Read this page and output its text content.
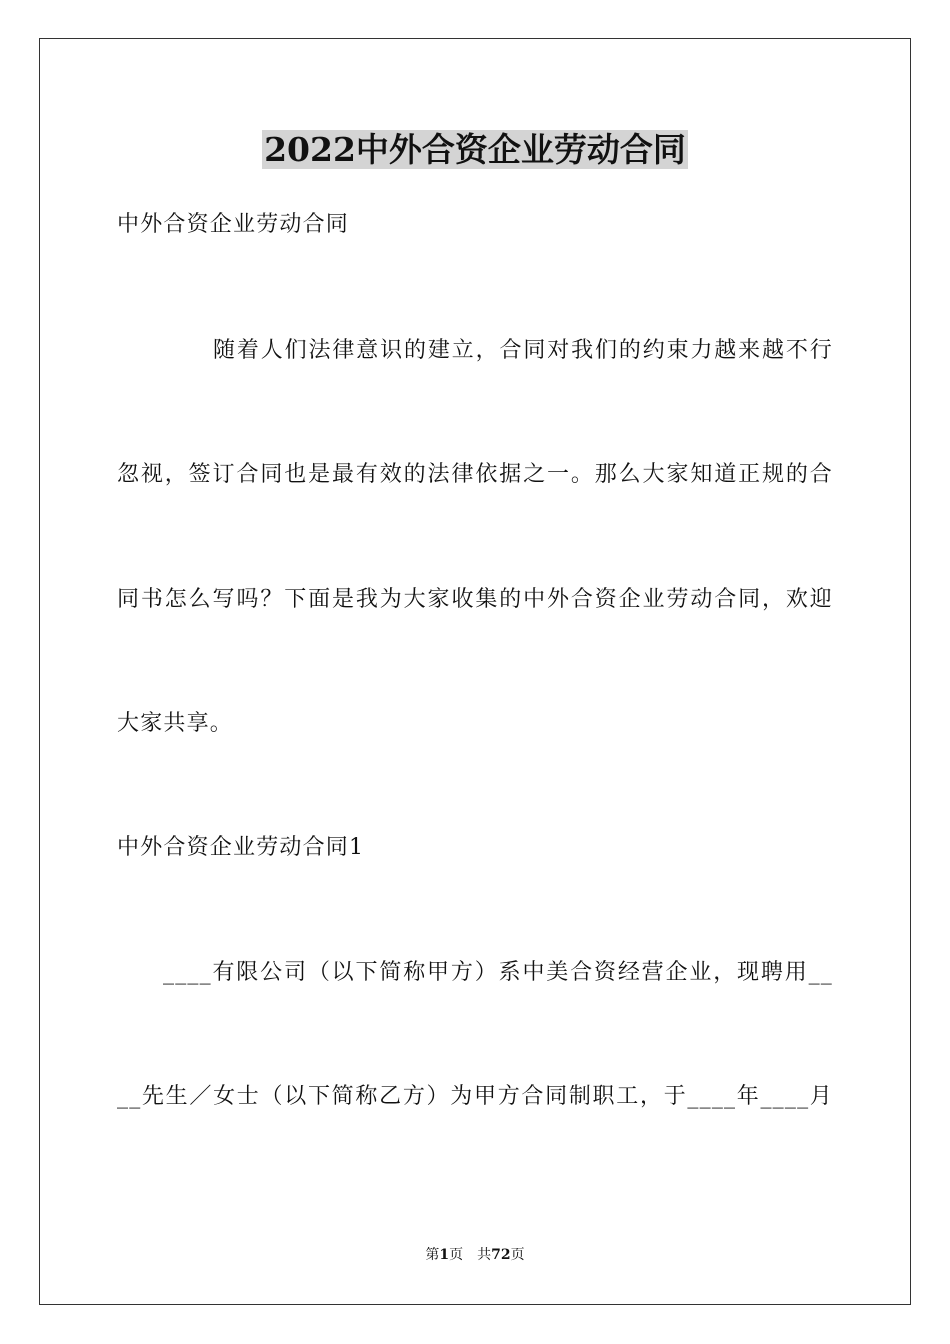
2022中外合资企业劳动合同
中外合资企业劳动合同
随着人们法律意识的建立，合同对我们的约束力越来越不行
忽视，签订合同也是最有效的法律依据之一。那么大家知道正规的合
同书怎么写吗？下面是我为大家收集的中外合资企业劳动合同，欢迎
大家共享。
中外合资企业劳动合同1
____有限公司（以下简称甲方）系中美合资经营企业，现聘用__
__先生／女士（以下简称乙方）为甲方合同制职工，于____年____月
第1页　共72页
